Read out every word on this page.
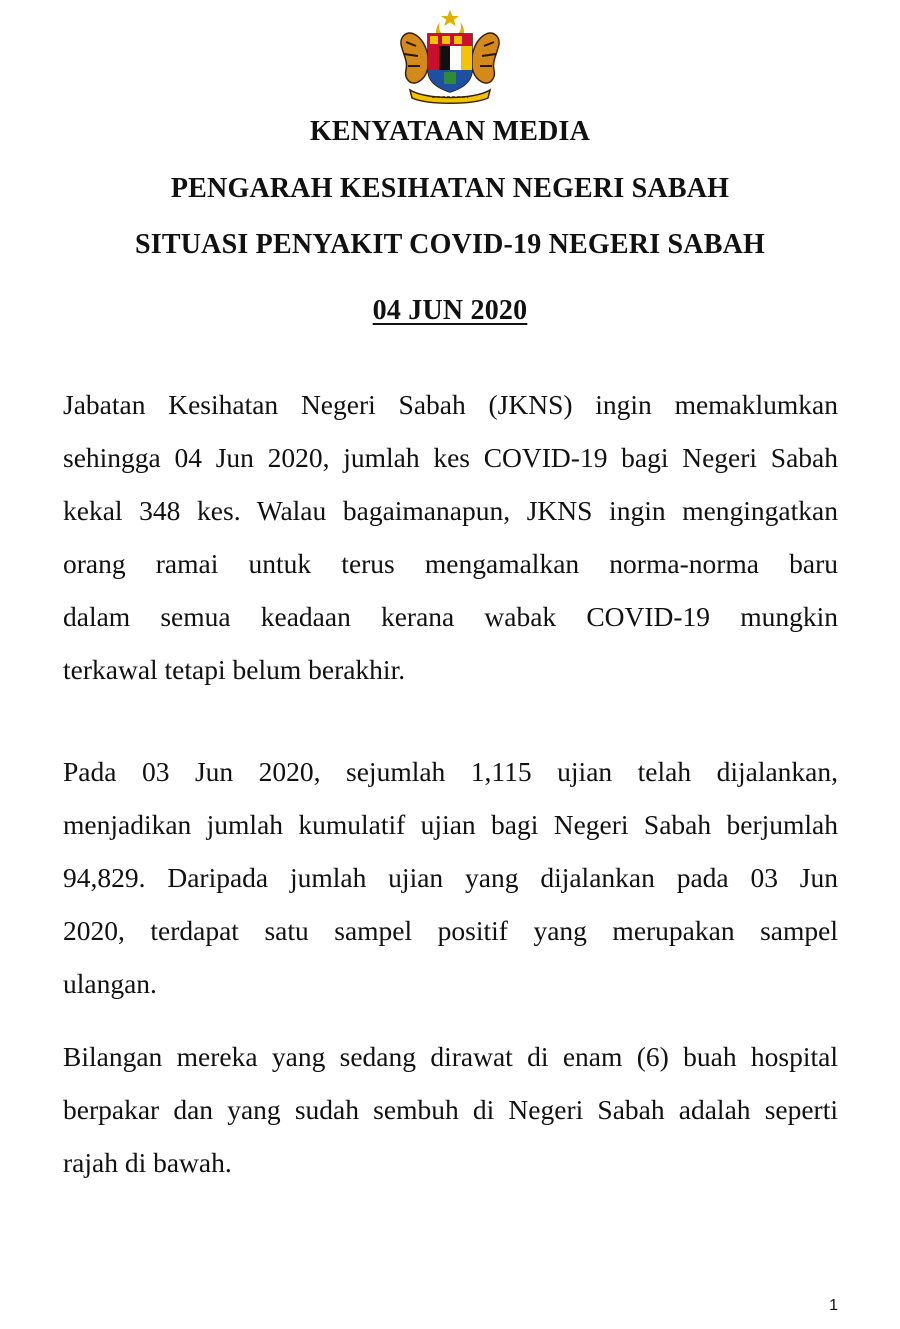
KENYATAAN MEDIA
PENGARAH KESIHATAN NEGERI SABAH
SITUASI PENYAKIT COVID-19 NEGERI SABAH
04 JUN 2020

Jabatan Kesihatan Negeri Sabah (JKNS) ingin memaklumkan
sehingga 04 Jun 2020, jumlah kes COVID-19 bagi Negeri Sabah
kekal 348 kes. Walau bagaimanapun, JKNS ingin mengingatkan
orang ramai untuk terus mengamalkan norma-norma baru
dalam semua keadaan kerana wabak COVID-19 mungkin
terkawal tetapi belum berakhir.

Pada 03 Jun 2020, sejumlah 1,115 ujian telah dijalankan,
menjadikan jumlah kumulatif ujian bagi Negeri Sabah berjumlah
94,829. Daripada jumlah ujian yang dijalankan pada 03 Jun
2020, terdapat satu sampel positif yang merupakan sampel
ulangan.

Bilangan mereka yang sedang dirawat di enam (6) buah hospital
berpakar dan yang sudah sembuh di Negeri Sabah adalah seperti
rajah di bawah.

1
